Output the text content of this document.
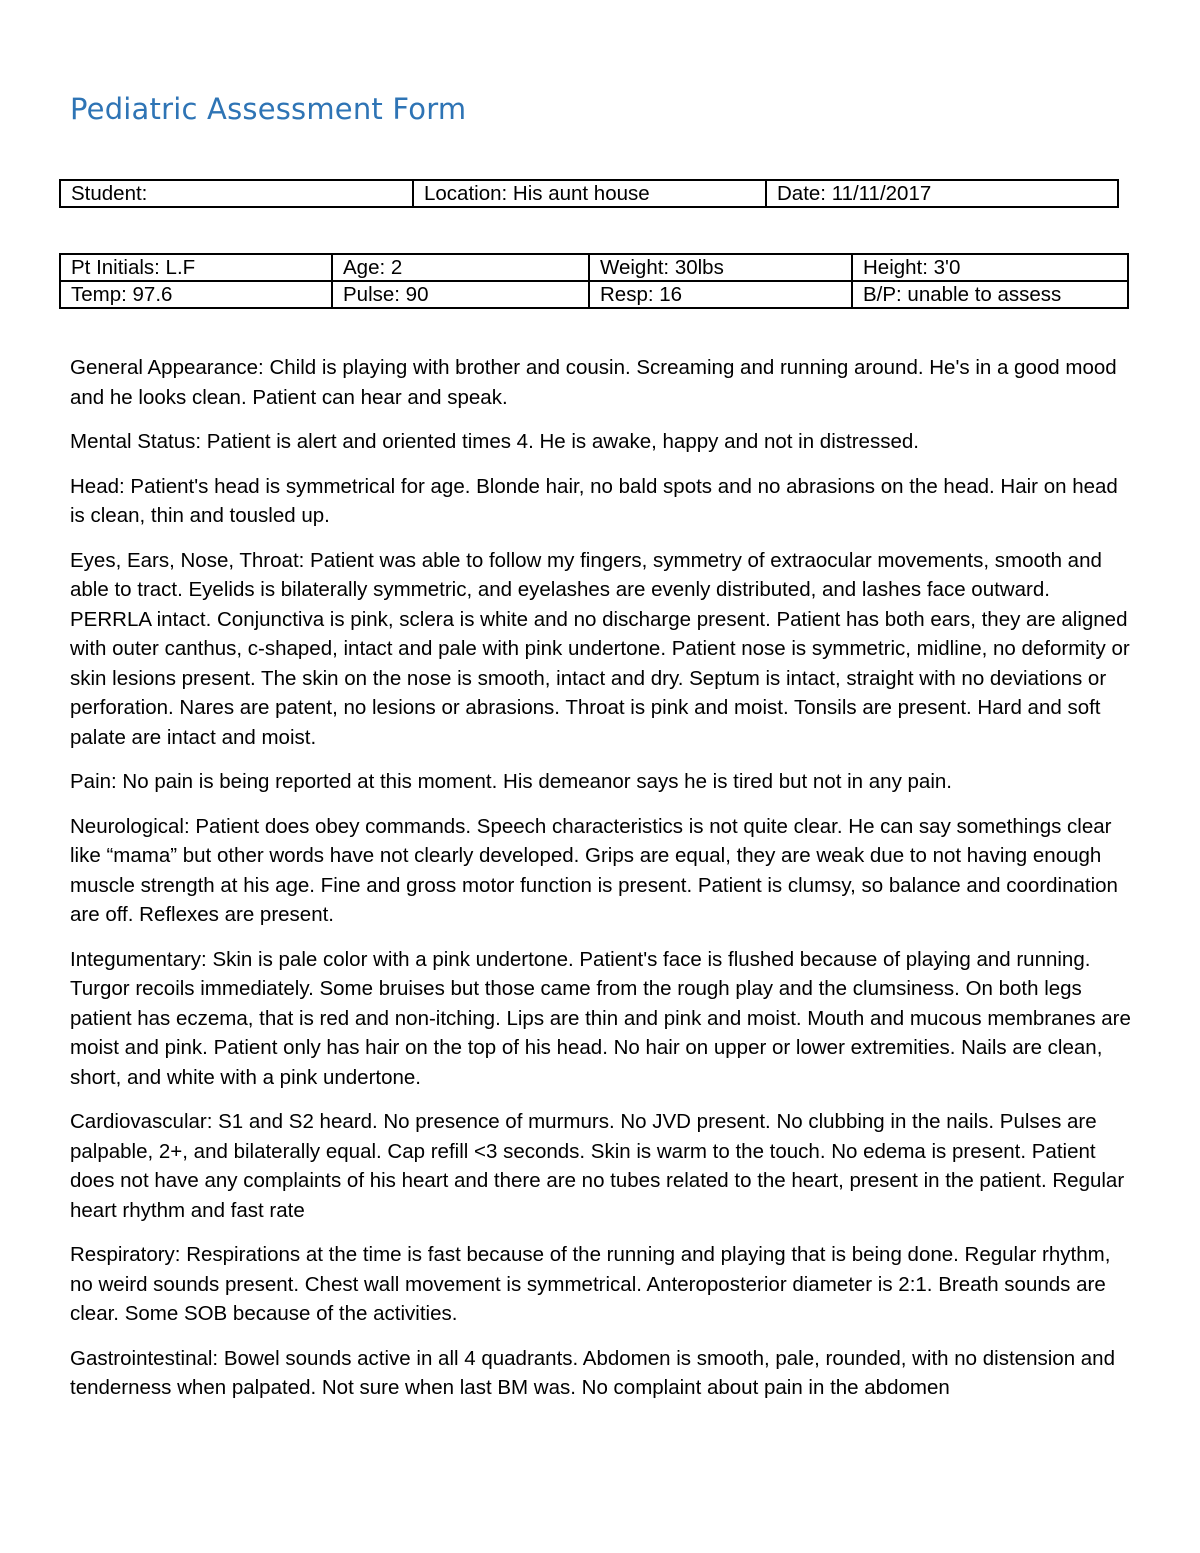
Pediatric Assessment Form
Student:	Location: His aunt house	Date: 11/11/2017
Pt Initials: L.F	Age: 2	Weight: 30lbs	Height: 3'0
Temp: 97.6	Pulse: 90	Resp: 16	B/P: unable to assess

General Appearance: Child is playing with brother and cousin. Screaming and running around. He's in a good mood and he looks clean. Patient can hear and speak.

Mental Status: Patient is alert and oriented times 4. He is awake, happy and not in distressed.

Head: Patient's head is symmetrical for age. Blonde hair, no bald spots and no abrasions on the head. Hair on head is clean, thin and tousled up.

Eyes, Ears, Nose, Throat: Patient was able to follow my fingers, symmetry of extraocular movements, smooth and able to tract. Eyelids is bilaterally symmetric, and eyelashes are evenly distributed, and lashes face outward. PERRLA intact. Conjunctiva is pink, sclera is white and no discharge present. Patient has both ears, they are aligned with outer canthus, c-shaped, intact and pale with pink undertone. Patient nose is symmetric, midline, no deformity or skin lesions present. The skin on the nose is smooth, intact and dry. Septum is intact, straight with no deviations or perforation. Nares are patent, no lesions or abrasions. Throat is pink and moist. Tonsils are present. Hard and soft palate are intact and moist.

Pain: No pain is being reported at this moment. His demeanor says he is tired but not in any pain.

Neurological: Patient does obey commands. Speech characteristics is not quite clear. He can say somethings clear like “mama” but other words have not clearly developed. Grips are equal, they are weak due to not having enough muscle strength at his age. Fine and gross motor function is present. Patient is clumsy, so balance and coordination are off. Reflexes are present.

Integumentary: Skin is pale color with a pink undertone. Patient's face is flushed because of playing and running. Turgor recoils immediately. Some bruises but those came from the rough play and the clumsiness. On both legs patient has eczema, that is red and non-itching. Lips are thin and pink and moist. Mouth and mucous membranes are moist and pink. Patient only has hair on the top of his head. No hair on upper or lower extremities. Nails are clean, short, and white with a pink undertone.

Cardiovascular: S1 and S2 heard. No presence of murmurs. No JVD present. No clubbing in the nails. Pulses are palpable, 2+, and bilaterally equal. Cap refill <3 seconds. Skin is warm to the touch. No edema is present. Patient does not have any complaints of his heart and there are no tubes related to the heart, present in the patient. Regular heart rhythm and fast rate

Respiratory: Respirations at the time is fast because of the running and playing that is being done. Regular rhythm, no weird sounds present. Chest wall movement is symmetrical. Anteroposterior diameter is 2:1. Breath sounds are clear. Some SOB because of the activities.

Gastrointestinal: Bowel sounds active in all 4 quadrants. Abdomen is smooth, pale, rounded, with no distension and tenderness when palpated. Not sure when last BM was. No complaint about pain in the abdomen
